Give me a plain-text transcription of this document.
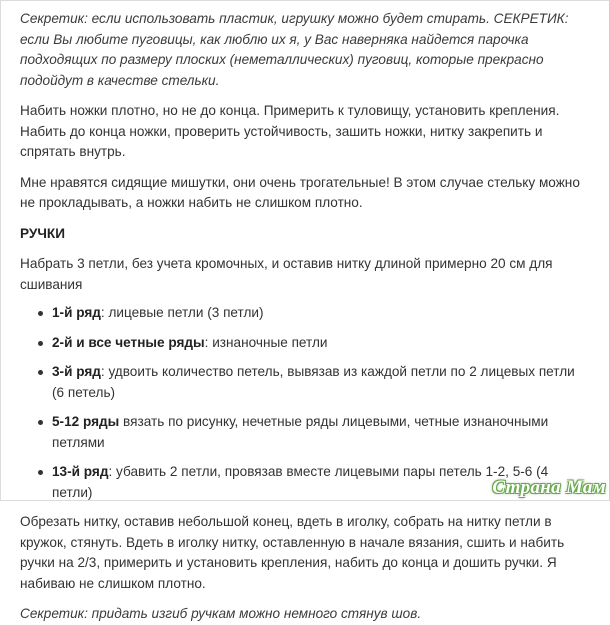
Секретик: если использовать пластик, игрушку можно будет стирать. СЕКРЕТИК: если Вы любите пуговицы, как люблю их я, у Вас наверняка найдется парочка подходящих по размеру плоских (неметаллических) пуговиц, которые прекрасно подойдут в качестве стельки.

Набить ножки плотно, но не до конца. Примерить к туловищу, установить крепления. Набить до конца ножки, проверить устойчивость, зашить ножки, нитку закрепить и спрятать внутрь.

Мне нравятся сидящие мишутки, они очень трогательные! В этом случае стельку можно не прокладывать, а ножки набить не слишком плотно.

РУЧКИ

Набрать 3 петли, без учета кромочных, и оставив нитку длиной примерно 20 см для сшивания

1-й ряд: лицевые петли (3 петли)
2-й и все четные ряды: изнаночные петли
3-й ряд: удвоить количество петель, вывязав из каждой петли по 2 лицевых петли (6 петель)
5-12 ряды вязать по рисунку, нечетные ряды лицевыми, четные изнаночными петлями
13-й ряд: убавить 2 петли, провязав вместе лицевыми пары петель 1-2, 5-6 (4 петли)

Обрезать нитку, оставив небольшой конец, вдеть в иголку, собрать на нитку петли в кружок, стянуть. Вдеть в иголку нитку, оставленную в начале вязания, сшить и набить ручки на 2/3, примерить и установить крепления, набить до конца и дошить ручки. Я набиваю не слишком плотно.

Секретик: придать изгиб ручкам можно немного стянув шов.

Страна Мам
